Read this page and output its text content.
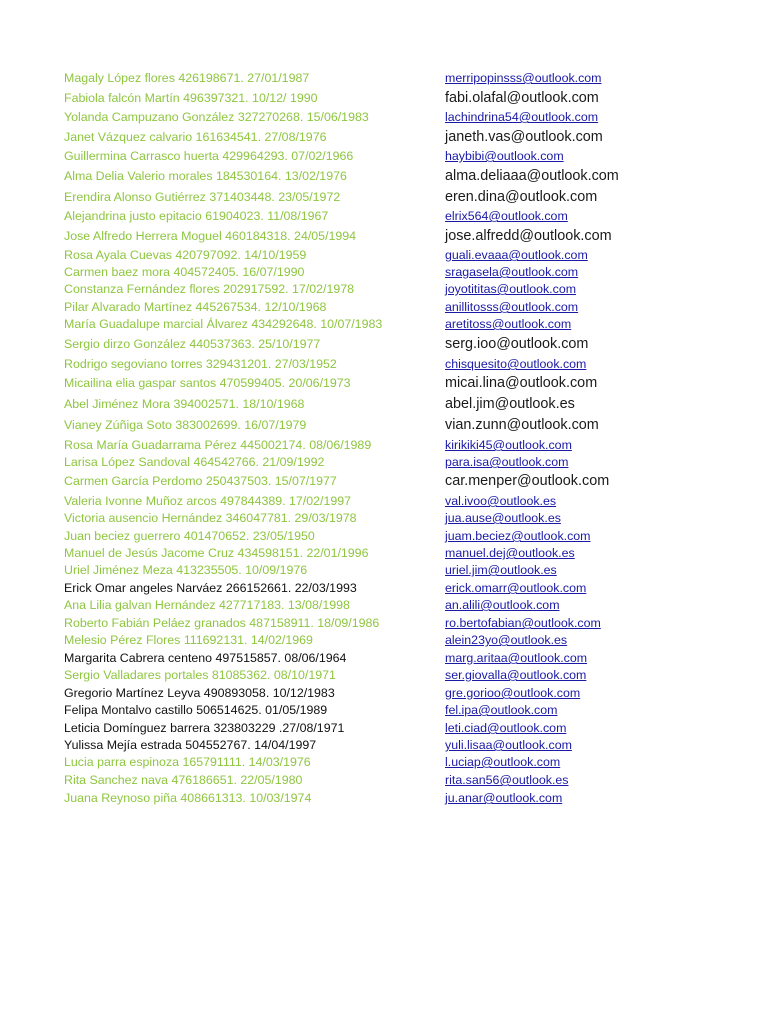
Magaly López flores 426198671. 27/01/1987	merripopinsss@outlook.com
Fabiola falcón Martín 496397321. 10/12/ 1990	fabi.olafal@outlook.com
Yolanda Campuzano González 327270268. 15/06/1983	lachindrina54@outlook.com
Janet Vázquez calvario 161634541. 27/08/1976	janeth.vas@outlook.com
Guillermina Carrasco huerta 429964293. 07/02/1966	haybibi@outlook.com
Alma Delia Valerio morales 184530164. 13/02/1976	alma.deliaaa@outlook.com
Erendira Alonso Gutiérrez 371403448. 23/05/1972	eren.dina@outlook.com
Alejandrina justo epitacio 61904023. 11/08/1967	elrix564@outlook.com
Jose Alfredo Herrera Moguel 460184318. 24/05/1994	jose.alfredd@outlook.com
Rosa Ayala Cuevas 420797092. 14/10/1959	guali.evaaa@outlook.com
Carmen baez mora 404572405. 16/07/1990	sragasela@outlook.com
Constanza Fernández flores 202917592. 17/02/1978	joyotititas@outlook.com
Pilar Alvarado Martínez 445267534. 12/10/1968	anillitosss@outlook.com
María Guadalupe marcial Álvarez 434292648. 10/07/1983	aretitoss@outlook.com
Sergio dirzo González 440537363. 25/10/1977	serg.ioo@outlook.com
Rodrigo segoviano torres 329431201. 27/03/1952	chisquesito@outlook.com
Micailina elia gaspar santos 470599405. 20/06/1973	micai.lina@outlook.com
Abel Jiménez Mora 394002571. 18/10/1968	abel.jim@outlook.es
Vianey Zúñiga Soto 383002699. 16/07/1979	vian.zunn@outlook.com
Rosa María Guadarrama Pérez 445002174. 08/06/1989	kirikiki45@outlook.com
Larisa López Sandoval 464542766. 21/09/1992	para.isa@outlook.com
Carmen García Perdomo 250437503. 15/07/1977	car.menper@outlook.com
Valeria Ivonne Muñoz arcos 497844389. 17/02/1997	val.ivoo@outlook.es
Victoria ausencio Hernández 346047781. 29/03/1978	jua.ause@outlook.es
Juan beciez guerrero 401470652. 23/05/1950	juam.beciez@outlook.com
Manuel de Jesús Jacome Cruz 434598151. 22/01/1996	manuel.dej@outlook.es
Uriel Jiménez Meza 413235505. 10/09/1976	uriel.jim@outlook.es
Erick Omar angeles Narváez 266152661. 22/03/1993	erick.omarr@outlook.com
Ana Lilia galvan Hernández 427717183. 13/08/1998	an.alili@outlook.com
Roberto Fabián Peláez granados 487158911. 18/09/1986	ro.bertofabian@outlook.com
Melesio Pérez Flores 111692131. 14/02/1969	alein23yo@outlook.es
Margarita Cabrera centeno 497515857. 08/06/1964	marg.aritaa@outlook.com
Sergio Valladares portales 81085362. 08/10/1971	ser.giovalla@outlook.com
Gregorio Martínez Leyva 490893058. 10/12/1983	gre.gorioo@outlook.com
Felipa Montalvo castillo 506514625. 01/05/1989	fel.ipa@outlook.com
Leticia Domínguez barrera 323803229 .27/08/1971	leti.ciad@outlook.com
Yulissa Mejía estrada 504552767. 14/04/1997	yuli.lisaa@outlook.com
Lucia parra espinoza 165791111. 14/03/1976	l.uciap@outlook.com
Rita Sanchez nava 476186651. 22/05/1980	rita.san56@outlook.es
Juana Reynoso piña 408661313. 10/03/1974	ju.anar@outlook.com
